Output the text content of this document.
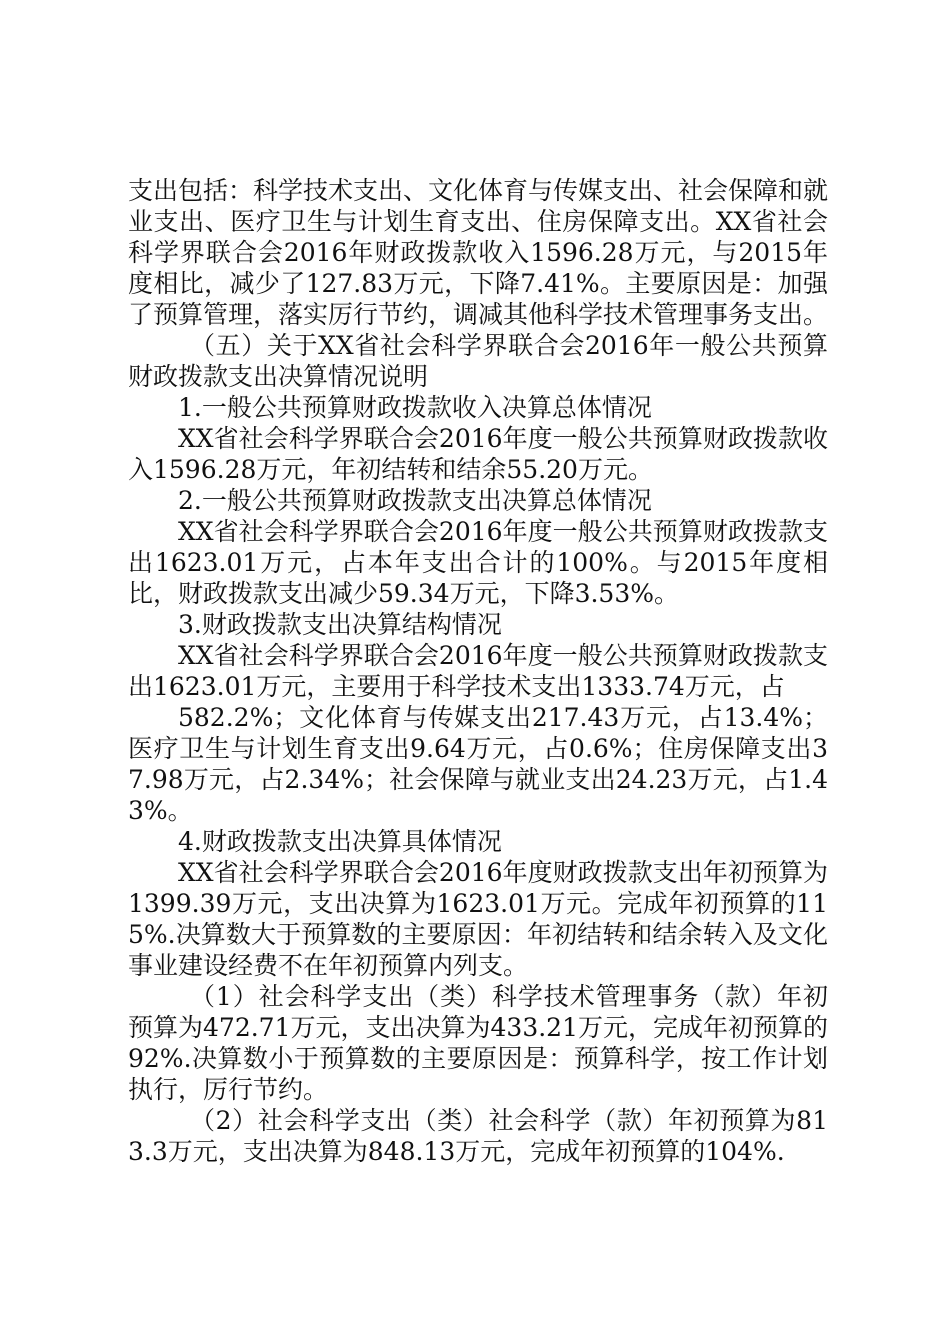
支出包括：科学技术支出、文化体育与传媒支出、社会保障和就业支出、医疗卫生与计划生育支出、住房保障支出。XX省社会科学界联合会2016年财政拨款收入1596.28万元，与2015年度相比，减少了127.83万元，下降7.41%。主要原因是：加强了预算管理，落实厉行节约，调减其他科学技术管理事务支出。

（五）关于XX省社会科学界联合会2016年一般公共预算财政拨款支出决算情况说明

1.一般公共预算财政拨款收入决算总体情况

XX省社会科学界联合会2016年度一般公共预算财政拨款收入1596.28万元，年初结转和结余55.20万元。

2.一般公共预算财政拨款支出决算总体情况

XX省社会科学界联合会2016年度一般公共预算财政拨款支出1623.01万元，占本年支出合计的100%。与2015年度相比，财政拨款支出减少59.34万元，下降3.53%。

3.财政拨款支出决算结构情况

XX省社会科学界联合会2016年度一般公共预算财政拨款支出1623.01万元，主要用于科学技术支出1333.74万元，占

582.2%；文化体育与传媒支出217.43万元，占13.4%；医疗卫生与计划生育支出9.64万元，占0.6%；住房保障支出37.98万元，占2.34%；社会保障与就业支出24.23万元，占1.43%。

4.财政拨款支出决算具体情况

XX省社会科学界联合会2016年度财政拨款支出年初预算为1399.39万元，支出决算为1623.01万元。完成年初预算的115%.决算数大于预算数的主要原因：年初结转和结余转入及文化事业建设经费不在年初预算内列支。

（1）社会科学支出（类）科学技术管理事务（款）年初预算为472.71万元，支出决算为433.21万元，完成年初预算的92%.决算数小于预算数的主要原因是：预算科学，按工作计划执行，厉行节约。

（2）社会科学支出（类）社会科学（款）年初预算为813.3万元，支出决算为848.13万元，完成年初预算的104%.
